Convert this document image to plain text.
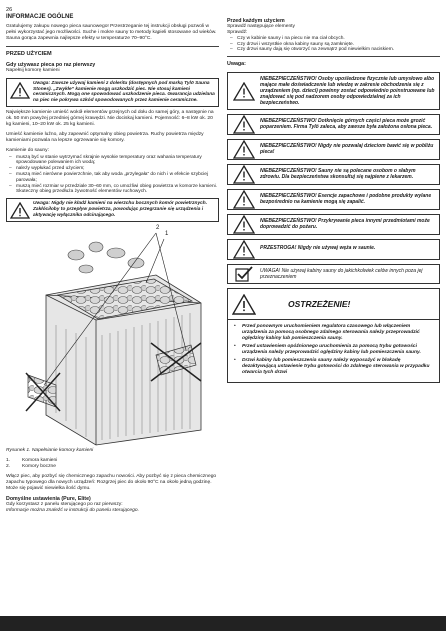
26
INFORMACJE OGÓLNE

Gratulujemy zakupu nowego pieca saunowego! Przestrzeganie tej instrukcji obsługi pozwoli w pełni wykorzystać jego możliwości. Suche i mokre sauny to metody kąpieli stosowane od wieków. Sauna gorąca zapewnia najlepsze efekty w temperaturze 70–90°C.

PRZED UŻYCIEM
Gdy używasz pieca po raz pierwszy

Napełnij komorę kamieni

Uwaga: Zawsze używaj kamieni z doleritu (dostępnych pod marką Tylö Sauna Stones). „Zwykłe” kamienie mogą uszkodzić piec. Nie stosuj kamieni ceramicznych. Mogą one spowodować uszkodzenie pieca. Gwarancja udzielana na piec nie pokrywa szkód spowodowanych przez kamienie ceramiczne.

Największe kamienie umieść wokół elementów grzejnych od dołu do samej góry, a następnie na ok. 50 mm powyżej przedniej górnej krawędzi. Nie dociskaj kamieni. Pojemność: 6–8 kW ok. 20 kg kamieni, 10–20 kW ok. 25 kg kamieni.

Umieść kamienie luźno, aby zapewnić optymalny obieg powietrza. Ruchy powietrza między kamieniami pozwala na lepsze ogrzewanie się komory.

Kamienie do sauny:

– muszą być w stanie wytrzymać skrajnie wysokie temperatury oraz wahania temperatury spowodowane polewaniem ich wodą;
– należy wypłukać przed użyciem;
– muszą mieć nierówne powierzchnie, tak aby woda „przylegała” do nich i w efekcie szybciej parowała;
– muszą mieć rozmiar w przedziale 30–60 mm, co umożliwi obieg powietrza w komorze kamieni. Skuteczny obieg przedłuża żywotność elementów ruchowych.
Uwaga: Nigdy nie kładź kamieni na wierzchu bocznych komór powietrznych. Zakłóciłoby to przepływ powietrza, powodując przegrzanie się urządzenia i aktywację wyłącznika odcinającego.
1
2
Rysunek 1. Napełnianie komory kamieni
1. Komora kamieni
2. Komory boczne

Włącz piec, aby pozbyć się chemicznego zapachu nowości. Aby pozbyć się z pieca chemicznego zapachu typowego dla nowych urządzeń: Rozgrzej piec do około 90°C na około jedną godzinę. Może się pojawić niewielka ilość dymu.

Domyślne ustawienia (Pure, Elite)
Gdy korzystasz z panelu sterującego po raz pierwszy:
Informacje można znaleźć w instrukcji do panelu sterującego.
Przed każdym użyciem
Sprawdź następujące elementy
Sprawdź:
– Czy w kabinie sauny i na piecu nie ma ciał obcych.
– Czy drzwi i wszystkie okna kabiny sauny są zamknięte.
– Czy drzwi sauny dają się otworzyć na zewnątrz pod niewielkim naciskiem.
Uwaga:
NIEBEZPIECZEŃSTWO! Osoby upośledzone fizycznie lub umysłowo albo mające małe doświadczenie lub wiedzę w zakresie obchodzenia się z urządzeniem (np. dzieci) powinny zostać odpowiednio poinstruowane lub znajdować się pod nadzorem osoby odpowiedzialnej za ich bezpieczeństwo.
NIEBEZPIECZEŃSTWO! Dotknięcie górnych części pieca może grozić poparzeniem. Firma Tylö zaleca, aby zawsze była założona osłona pieca.
NIEBEZPIECZEŃSTWO! Nigdy nie pozwalaj dzieciom bawić się w pobliżu pieca!
NIEBEZPIECZEŃSTWO! Sauny nie są polecane osobom o słabym zdrowiu. Dla bezpieczeństwa skonsultuj się najpierw z lekarzem.
NIEBEZPIECZEŃSTWO! Esencje zapachowe i podobne produkty wylane bezpośrednio na kamienie mogą się zapalić.
NIEBEZPIECZEŃSTWO! Przykrywanie pieca innymi przedmiotami może doprowadzić do pożaru.
PRZESTROGA! Nigdy nie używaj wężа w saunie.
UWAGA! Nie używaj kabiny sauny do jakichkolwiek celów innych poza jej przeznaczeniem
OSTRZEŻENIE!
• Przed ponownym uruchomieniem regulatora czasowego lub włączeniem urządzenia za pomocą osobnego zdalnego sterowania należy przeprowadzić oględziny kabiny lub pomieszczenia sauny.
• Przed ustawieniem opóźnionego uruchomienia za pomocą trybu gotowości urządzenia należy przeprowadzić oględziny kabiny lub pomieszczenia sauny.
• Drzwi kabiny lub pomieszczenia sauny należy wyposażyć w blokadę dezaktywującą ustawienie trybu gotowości do zdalnego sterowania w przypadku otwarcia tych drzwi
